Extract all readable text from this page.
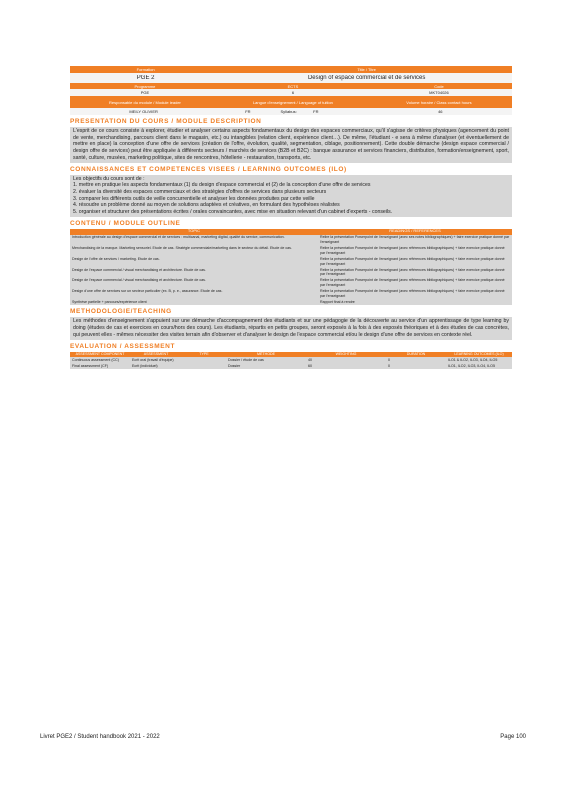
Formation	Title / Titre
PGE 2	Design of espace commercial et de services
Programme	ECTS	Code
PGE	6	MKT04026
Responsable du module / Module leader	Langue d'enseignement / Language of tuition	Volume horaire / Class contact hours
MEILY OLIVIER	FR	Syllabus:	FR	46
PRESENTATION DU COURS / MODULE DESCRIPTION
L'esprit de ce cours consiste à explorer, étudier et analyser certains aspects fondamentaux du design des espaces commerciaux, qu'il s'agisse de critères physiques (agencement du point de vente, merchandising, parcours client dans le magasin, etc.) ou intangibles (relation client, expérience client…). De même, l'étudiant - e sera à même d'analyser (et éventuellement de mettre en place) la conception d'une offre de services (création de l'offre, évolution, qualité, segmentation, ciblage, positionnement). Cette double démarche (design espace commercial / design offre de services) peut être appliquée à différents secteurs / marchés de services (B2B et B2C) : banque assurance et services financiers, distribution, formation/enseignement, sport, santé, culture, musées, marketing politique, sites de rencontres, hôtellerie - restauration, transports, etc.
CONNAISSANCES ET COMPETENCES VISEES / LEARNING OUTCOMES (ILO)
Les objectifs du cours sont de :
1. mettre en pratique les aspects fondamentaux (1) du design d'espace commercial et (2) de la conception d'une offre de services
2. évaluer la diversité des espaces commerciaux et des stratégies d'offres de services dans plusieurs secteurs
3. comparer les différents outils de veille concurrentielle et analyser les données produites par cette veille
4. résoudre un problème donné au moyen de solutions adaptées et créatives, en formulant des hypothèses réalistes
5. organiser et structurer des présentations écrites / orales convaincantes, avec mise en situation relevant d'un cabinet d'experts - conseils.
CONTENU / MODULE OUTLINE
TOPIC	READINGS / REFERENCES
Introduction générale au design d'espace commercial et de services : multicanal, marketing digital, qualité du service, communication.	Relire la présentation Powerpoint de l'enseignant (avec ses notes bibliographiques) + faire exercice pratique donné par l'enseignant
Merchandising de la marque. Marketing sensoriel. Etude de cas. Stratégie commerciale/marketing dans le secteur du détail. Etude de cas.	Relire la présentation Powerpoint de l'enseignant (avec références bibliographiques) + faire exercice pratique donné par l'enseignant
Design de l'offre de services / marketing. Etude de cas.	Relire la présentation Powerpoint de l'enseignant (avec références bibliographiques) + faire exercice pratique donné par l'enseignant
Design de l'espace commercial / visual merchandising et architecture. Etude de cas.	Relire la présentation Powerpoint de l'enseignant (avec références bibliographiques) + faire exercice pratique donné par l'enseignant
Design de l'espace commercial / visual merchandising et architecture. Etude de cas.	Relire la présentation Powerpoint de l'enseignant (avec références bibliographiques) + faire exercice pratique donné par l'enseignant
Design d'une offre de services sur un secteur particulier (ex. B, p. e., assurance. Etude de cas.	Relire la présentation Powerpoint de l'enseignant (avec références bibliographiques) + faire exercice pratique donné par l'enseignant
Synthèse partielle + parcours/expérience client	Rapport final à rendre
METHODOLOGIE/TEACHING
Les méthodes d'enseignement s'appuient sur une démarche d'accompagnement des étudiants et sur une pédagogie de la découverte au service d'un apprentissage de type learning by doing (études de cas et exercices en cours/hors des cours). Les étudiants, répartis en petits groupes, seront exposés à la fois à des exposés théoriques et à des études de cas concrètes, qui peuvent elles - mêmes nécessiter des visites terrain afin d'observer et d'analyser le design de l'espace commercial et/ou le design d'une offre de services en contexte réel.
EVALUATION / ASSESSMENT
ASSESSMENT COMPONENT	ASSESSMENT	TYPE	MÉTHODE	WEIGHTING	DURATION	LEARNING OUTCOMES (ILO)
Continuous assessment (CC)	Ecrit oral (travail d'équipe)		Dossier / étude de cas	40	0	ILO1 & ILO2, ILO3, ILO4, ILO5
Final assessment (CF)	Ecrit (individuel)		Dossier	60	0	ILO1, ILO2, ILO3, ILO4, ILO5
Livret PGE2 / Student handbook 2021 - 2022	Page 100
